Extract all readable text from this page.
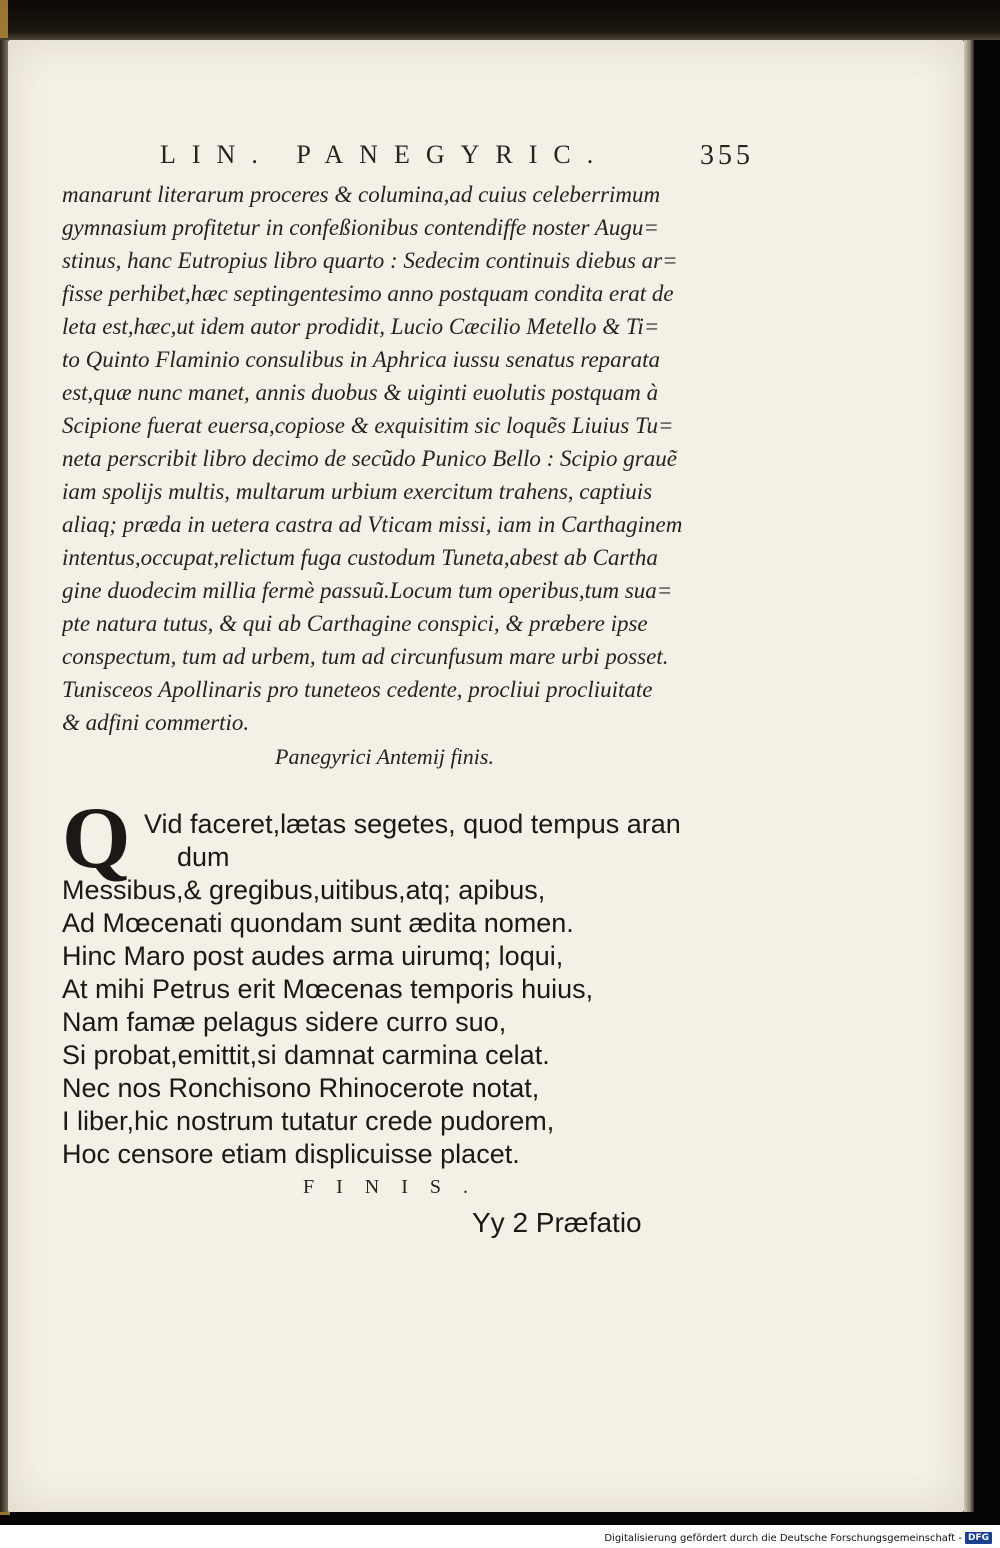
LIN. PANEGYRIC.	355
manarunt literarum proceres & columina,ad cuius celeberrimum
gymnasium profitetur in confeßionibus contendiffe noster Augu=
stinus, hanc Eutropius libro quarto : Sedecim continuis diebus ar=
fisse perhibet,hæc septingentesimo anno postquam condita erat de
leta est,hæc,ut idem autor prodidit, Lucio Cæcilio Metello & Ti=
to Quinto Flaminio consulibus in Aphrica iussu senatus reparata
est,quæ nunc manet, annis duobus & uiginti euolutis postquam à
Scipione fuerat euersa,copiose & exquisitim sic loquẽs Liuius Tu=
neta perscribit libro decimo de secũdo Punico Bello : Scipio grauẽ
iam spolijs multis, multarum urbium exercitum trahens, captiuis
aliaq; præda in uetera castra ad Vticam missi, iam in Carthaginem
intentus,occupat,relictum fuga custodum Tuneta,abest ab Cartha
gine duodecim millia fermè passuũ.Locum tum operibus,tum sua=
pte natura tutus, & qui ab Carthagine conspici, & præbere ipse
conspectum, tum ad urbem, tum ad circunfusum mare urbi posset.
Tunisceos Apollinaris pro tuneteos cedente, procliui procliuitate
& adfini commertio.
Panegyrici Antemij finis.
Q Vid faceret,lætas segetes, quod tempus aran
dum
Messibus,& gregibus,uitibus,atq; apibus,
Ad Mœcenati quondam sunt ædita nomen.
Hinc Maro post audes arma uirumq; loqui,
At mihi Petrus erit Mœcenas temporis huius,
Nam famæ pelagus sidere curro suo,
Si probat,emittit,si damnat carmina celat.
Nec nos Ronchisono Rhinocerote notat,
I liber,hic nostrum tutatur crede pudorem,
Hoc censore etiam displicuisse placet.
FINIS.
Yy 2 Præfatio
Digitalisierung gefördert durch die Deutsche Forschungsgemeinschaft - DFG
